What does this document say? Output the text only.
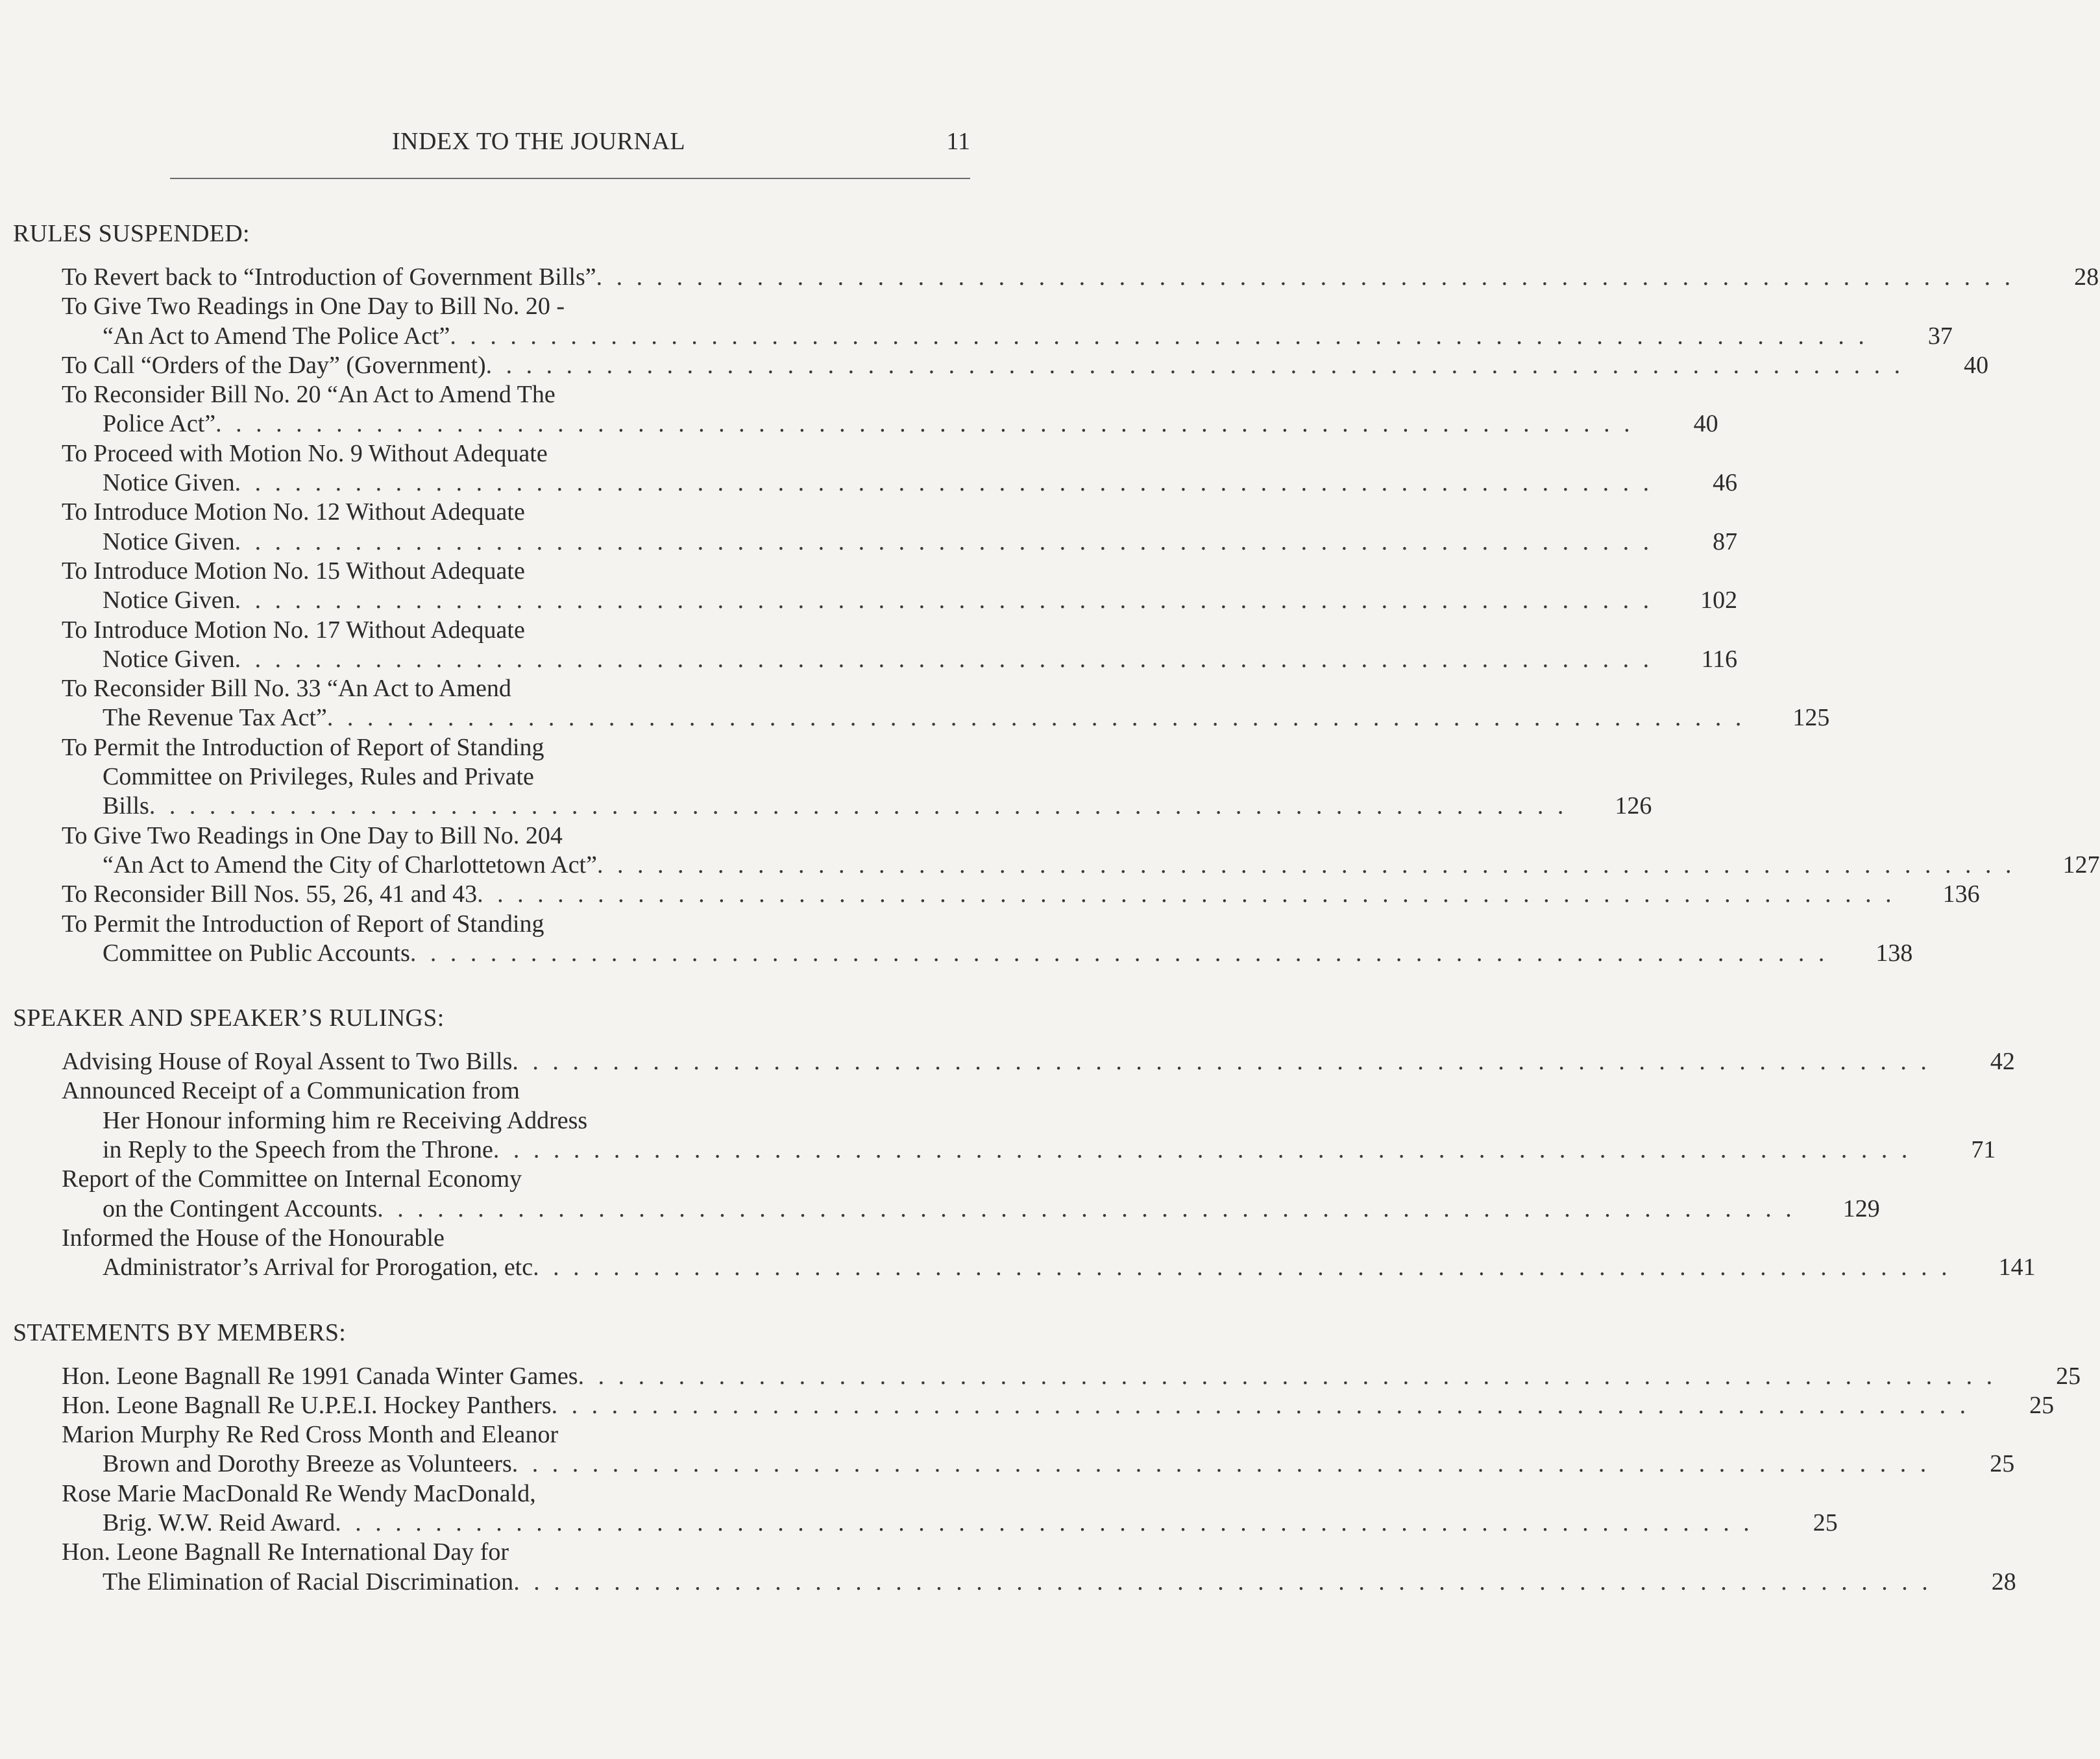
INDEX TO THE JOURNAL	11
RULES SUSPENDED:
To Revert back to “Introduction of Government Bills” . . . . . . . . . . . . . . . . . . . . . . . . . . . . . . . . . . . . . . . . . . . . . . . . . . . . . . . . . . . . . . . . . . . . . . .	28
To Give Two Readings in One Day to Bill No. 20 -
“An Act to Amend The Police Act” . . . . . . . . . . . . . . . . . . . . . . . . . . . . . . . . . . . . . . . . . . . . . . . . . . . . . . . . . . . . . . . . . . . . . . .	37
To Call “Orders of the Day” (Government) . . . . . . . . . . . . . . . . . . . . . . . . . . . . . . . . . . . . . . . . . . . . . . . . . . . . . . . . . . . . . . . . . . . . . . .	40
To Reconsider Bill No. 20 “An Act to Amend The
Police Act” . . . . . . . . . . . . . . . . . . . . . . . . . . . . . . . . . . . . . . . . . . . . . . . . . . . . . . . . . . . . . . . . . . . . . . .	40
To Proceed with Motion No. 9 Without Adequate
Notice Given . . . . . . . . . . . . . . . . . . . . . . . . . . . . . . . . . . . . . . . . . . . . . . . . . . . . . . . . . . . . . . . . . . . . . . .	46
To Introduce Motion No. 12 Without Adequate
Notice Given . . . . . . . . . . . . . . . . . . . . . . . . . . . . . . . . . . . . . . . . . . . . . . . . . . . . . . . . . . . . . . . . . . . . . . .	87
To Introduce Motion No. 15 Without Adequate
Notice Given . . . . . . . . . . . . . . . . . . . . . . . . . . . . . . . . . . . . . . . . . . . . . . . . . . . . . . . . . . . . . . . . . . . . . . .	102
To Introduce Motion No. 17 Without Adequate
Notice Given . . . . . . . . . . . . . . . . . . . . . . . . . . . . . . . . . . . . . . . . . . . . . . . . . . . . . . . . . . . . . . . . . . . . . . .	116
To Reconsider Bill No. 33 “An Act to Amend
The Revenue Tax Act” . . . . . . . . . . . . . . . . . . . . . . . . . . . . . . . . . . . . . . . . . . . . . . . . . . . . . . . . . . . . . . . . . . . . . . .	125
To Permit the Introduction of Report of Standing
Committee on Privileges, Rules and Private
Bills . . . . . . . . . . . . . . . . . . . . . . . . . . . . . . . . . . . . . . . . . . . . . . . . . . . . . . . . . . . . . . . . . . . . . . .	126
To Give Two Readings in One Day to Bill No. 204
“An Act to Amend the City of Charlottetown Act” . . . . . . . . . . . . . . . . . . . . . . . . . . . . . . . . . . . . . . . . . . . . . . . . . . . . . . . . . . . . . . . . . . . . . . .	127
To Reconsider Bill Nos. 55, 26, 41 and 43 . . . . . . . . . . . . . . . . . . . . . . . . . . . . . . . . . . . . . . . . . . . . . . . . . . . . . . . . . . . . . . . . . . . . . . .	136
To Permit the Introduction of Report of Standing
Committee on Public Accounts . . . . . . . . . . . . . . . . . . . . . . . . . . . . . . . . . . . . . . . . . . . . . . . . . . . . . . . . . . . . . . . . . . . . . . .	138
SPEAKER AND SPEAKER’S RULINGS:
Advising House of Royal Assent to Two Bills . . . . . . . . . . . . . . . . . . . . . . . . . . . . . . . . . . . . . . . . . . . . . . . . . . . . . . . . . . . . . . . . . . . . . . .	42
Announced Receipt of a Communication from
Her Honour informing him re Receiving Address
in Reply to the Speech from the Throne . . . . . . . . . . . . . . . . . . . . . . . . . . . . . . . . . . . . . . . . . . . . . . . . . . . . . . . . . . . . . . . . . . . . . . .	71
Report of the Committee on Internal Economy
on the Contingent Accounts . . . . . . . . . . . . . . . . . . . . . . . . . . . . . . . . . . . . . . . . . . . . . . . . . . . . . . . . . . . . . . . . . . . . . . .	129
Informed the House of the Honourable
Administrator’s Arrival for Prorogation, etc . . . . . . . . . . . . . . . . . . . . . . . . . . . . . . . . . . . . . . . . . . . . . . . . . . . . . . . . . . . . . . . . . . . . . . .	141
STATEMENTS BY MEMBERS:
Hon. Leone Bagnall Re 1991 Canada Winter Games . . . . . . . . . . . . . . . . . . . . . . . . . . . . . . . . . . . . . . . . . . . . . . . . . . . . . . . . . . . . . . . . . . . . . . .	25
Hon. Leone Bagnall Re U.P.E.I. Hockey Panthers . . . . . . . . . . . . . . . . . . . . . . . . . . . . . . . . . . . . . . . . . . . . . . . . . . . . . . . . . . . . . . . . . . . . . . .	25
Marion Murphy Re Red Cross Month and Eleanor
Brown and Dorothy Breeze as Volunteers . . . . . . . . . . . . . . . . . . . . . . . . . . . . . . . . . . . . . . . . . . . . . . . . . . . . . . . . . . . . . . . . . . . . . . .	25
Rose Marie MacDonald Re Wendy MacDonald,
Brig. W.W. Reid Award . . . . . . . . . . . . . . . . . . . . . . . . . . . . . . . . . . . . . . . . . . . . . . . . . . . . . . . . . . . . . . . . . . . . . . .	25
Hon. Leone Bagnall Re International Day for
The Elimination of Racial Discrimination . . . . . . . . . . . . . . . . . . . . . . . . . . . . . . . . . . . . . . . . . . . . . . . . . . . . . . . . . . . . . . . . . . . . . . .	28
